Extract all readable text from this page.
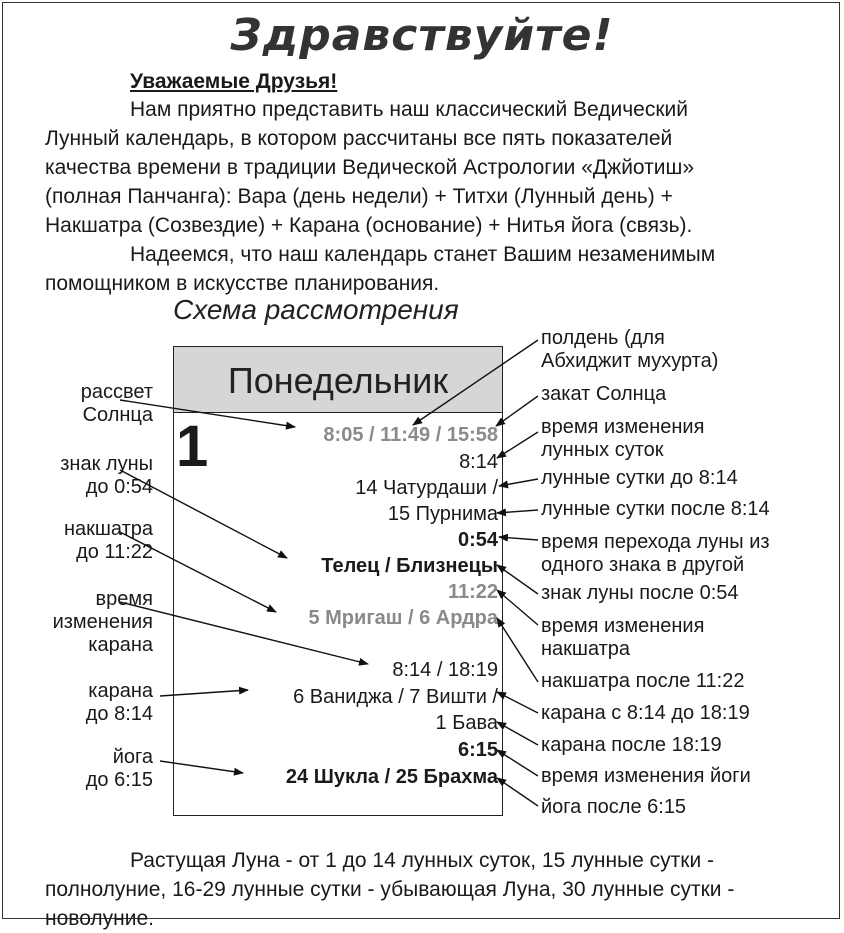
Здравствуйте!
Уважаемые Друзья!
Нам приятно представить наш классический Ведический
Лунный календарь, в котором рассчитаны все пять показателей
качества времени в традиции Ведической Астрологии «Джйотиш»
(полная Панчанга): Вара (день недели) + Титхи (Лунный день) +
Накшатра (Созвездие) + Карана (основание) + Нитья йога (связь).
Надеемся, что наш календарь станет Вашим незаменимым
помощником в искусстве планирования.
Схема рассмотрения
Понедельник
1	8:05 / 11:49 / 15:58
8:14
14 Чатурдаши /
15 Пурнима
0:54
Телец / Близнецы
11:22
5 Мригаш / 6 Ардра
8:14 / 18:19
6 Ваниджа / 7 Вишти /
1 Бава
6:15
24 Шукла / 25 Брахма
рассвет
Солнца
знак луны
до 0:54
накшатра
до 11:22
время
изменения
карана
карана
до 8:14
йога
до 6:15
полдень (для
Абхиджит мухурта)
закат Солнца
время изменения
лунных суток
лунные сутки до 8:14
лунные сутки после 8:14
время перехода луны из
одного знака в другой
знак луны после 0:54
время изменения
накшатра
накшатра после 11:22
карана с 8:14 до 18:19
карана после 18:19
время изменения йоги
йога после 6:15
Растущая Луна - от 1 до 14 лунных суток, 15 лунные сутки -
полнолуние, 16-29 лунные сутки - убывающая Луна, 30 лунные сутки -
новолуние.
